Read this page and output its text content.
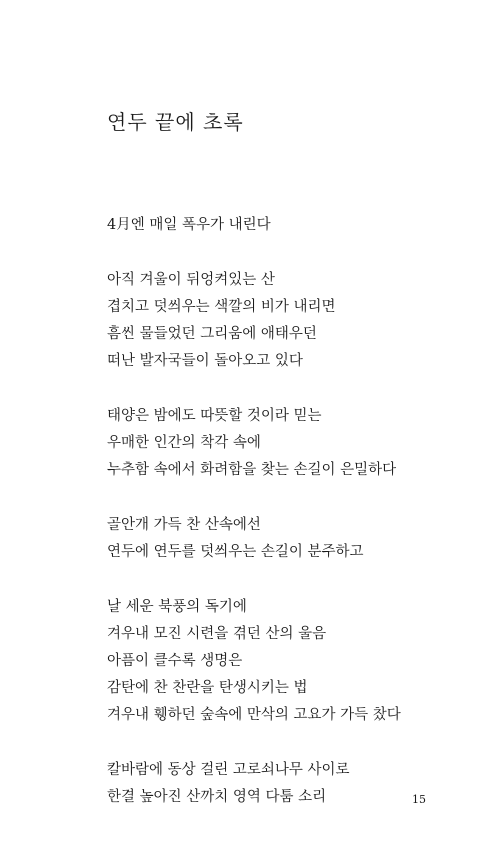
연두 끝에 초록
4月엔 매일 폭우가 내린다
아직 겨울이 뒤엉켜있는 산
겹치고 덧씌우는 색깔의 비가 내리면
흠씬 물들었던 그리움에 애태우던
떠난 발자국들이 돌아오고 있다
태양은 밤에도 따뜻할 것이라 믿는
우매한 인간의 착각 속에
누추함 속에서 화려함을 찾는 손길이 은밀하다
골안개 가득 찬 산속에선
연두에 연두를 덧씌우는 손길이 분주하고
날 세운 북풍의 독기에
겨우내 모진 시련을 겪던 산의 울음
아픔이 클수록 생명은
감탄에 찬 찬란을 탄생시키는 법
겨우내 휑하던 숲속에 만삭의 고요가 가득 찼다
칼바람에 동상 걸린 고로쇠나무 사이로
한결 높아진 산까치 영역 다툼 소리	15
